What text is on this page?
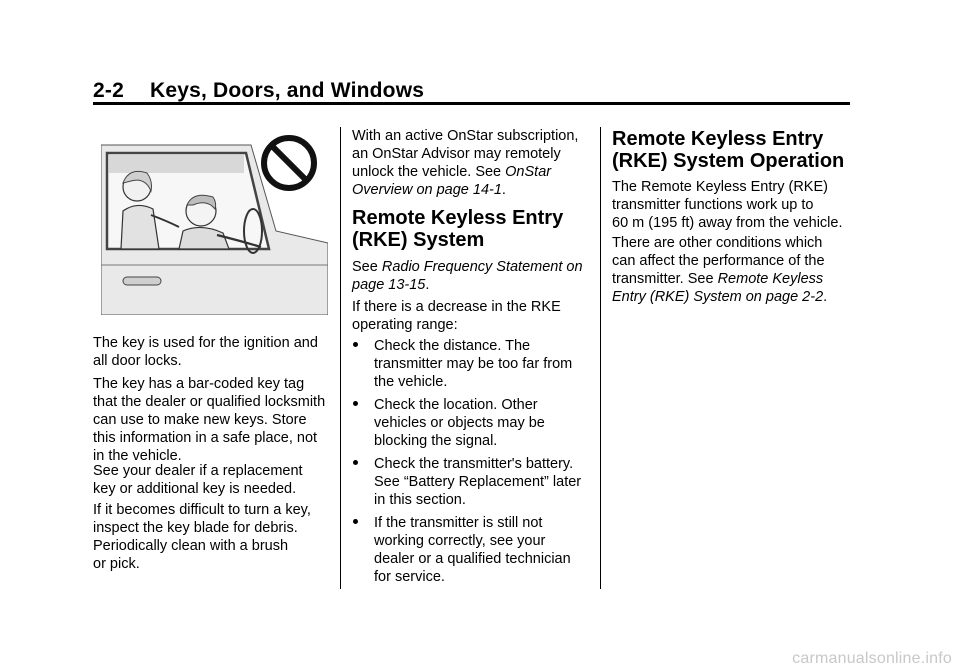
2-2 Keys, Doors, and Windows
The key is used for the ignition and
all door locks.
The key has a bar-coded key tag
that the dealer or qualified locksmith
can use to make new keys. Store
this information in a safe place, not
in the vehicle.
See your dealer if a replacement
key or additional key is needed.
If it becomes difficult to turn a key,
inspect the key blade for debris.
Periodically clean with a brush
or pick.
With an active OnStar subscription,
an OnStar Advisor may remotely
unlock the vehicle. See OnStar
Overview on page 14-1.
Remote Keyless Entry
(RKE) System
See Radio Frequency Statement on
page 13-15.
If there is a decrease in the RKE
operating range:
Check the distance. The
transmitter may be too far from
the vehicle.
Check the location. Other
vehicles or objects may be
blocking the signal.
Check the transmitter's battery.
See “Battery Replacement” later
in this section.
If the transmitter is still not
working correctly, see your
dealer or a qualified technician
for service.
Remote Keyless Entry
(RKE) System Operation
The Remote Keyless Entry (RKE)
transmitter functions work up to
60 m (195 ft) away from the vehicle.
There are other conditions which
can affect the performance of the
transmitter. See Remote Keyless
Entry (RKE) System on page 2-2.
carmanualsonline.info
